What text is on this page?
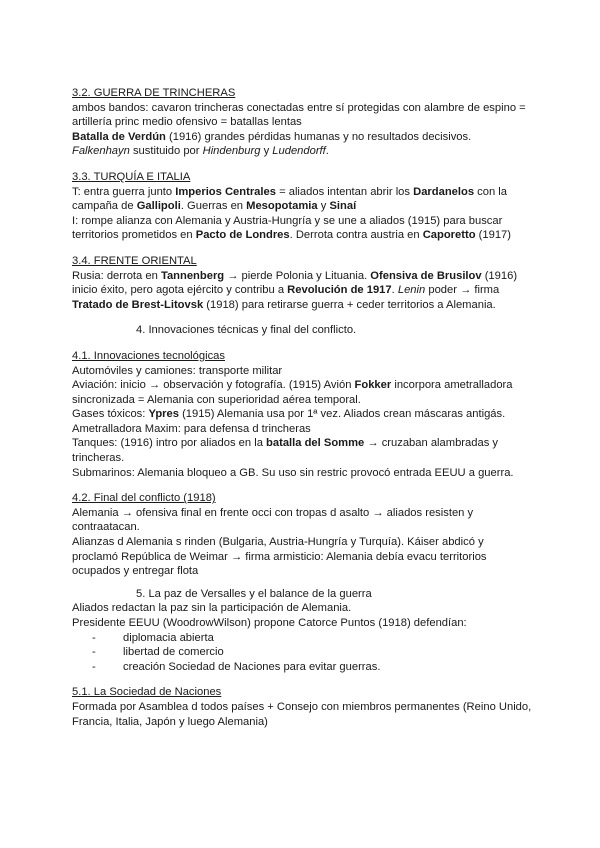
3.2. GUERRA DE TRINCHERAS

ambos bandos: cavaron trincheras conectadas entre sí protegidas con alambre de espino = artillería princ medio ofensivo = batallas lentas

Batalla de Verdún (1916) grandes pérdidas humanas y no resultados decisivos.

Falkenhayn sustituido por Hindenburg y Ludendorff.

3.3. TURQUÍA E ITALIA

T: entra guerra junto Imperios Centrales = aliados intentan abrir los Dardanelos con la campaña de Gallipoli. Guerras en Mesopotamia y Sinaí

I: rompe alianza con Alemania y Austria-Hungría y se une a aliados (1915) para buscar territorios prometidos en Pacto de Londres. Derrota contra austria en Caporetto (1917)

3.4. FRENTE ORIENTAL

Rusia: derrota en Tannenberg → pierde Polonia y Lituania. Ofensiva de Brusilov (1916) inicio éxito, pero agota ejército y contribu a Revolución de 1917. Lenin poder → firma Tratado de Brest-Litovsk (1918) para retirarse guerra + ceder territorios a Alemania.

4. Innovaciones técnicas y final del conflicto.

4.1. Innovaciones tecnológicas

Automóviles y camiones: transporte militar

Aviación: inicio → observación y fotografía. (1915) Avión Fokker incorpora ametralladora sincronizada = Alemania con superioridad aérea temporal.

Gases tóxicos: Ypres (1915) Alemania usa por 1ª vez. Aliados crean máscaras antigás.

Ametralladora Maxim: para defensa d trincheras

Tanques: (1916) intro por aliados en la batalla del Somme → cruzaban alambradas y trincheras.

Submarinos: Alemania bloqueo a GB. Su uso sin restric provocó entrada EEUU a guerra.

4.2. Final del conflicto (1918)

Alemania → ofensiva final en frente occi con tropas d asalto → aliados resisten y contraatacan.

Alianzas d Alemania s rinden (Bulgaria, Austria-Hungría y Turquía). Káiser abdicó y proclamó República de Weimar → firma armisticio: Alemania debía evacu territorios ocupados y entregar flota

5. La paz de Versalles y el balance de la guerra

Aliados redactan la paz sin la participación de Alemania.

Presidente EEUU (WoodrowWilson) propone Catorce Puntos (1918) defendían:

- diplomacia abierta
- libertad de comercio
- creación Sociedad de Naciones para evitar guerras.

5.1. La Sociedad de Naciones

Formada por Asamblea d todos países + Consejo con miembros permanentes (Reino Unido, Francia, Italia, Japón y luego Alemania)
